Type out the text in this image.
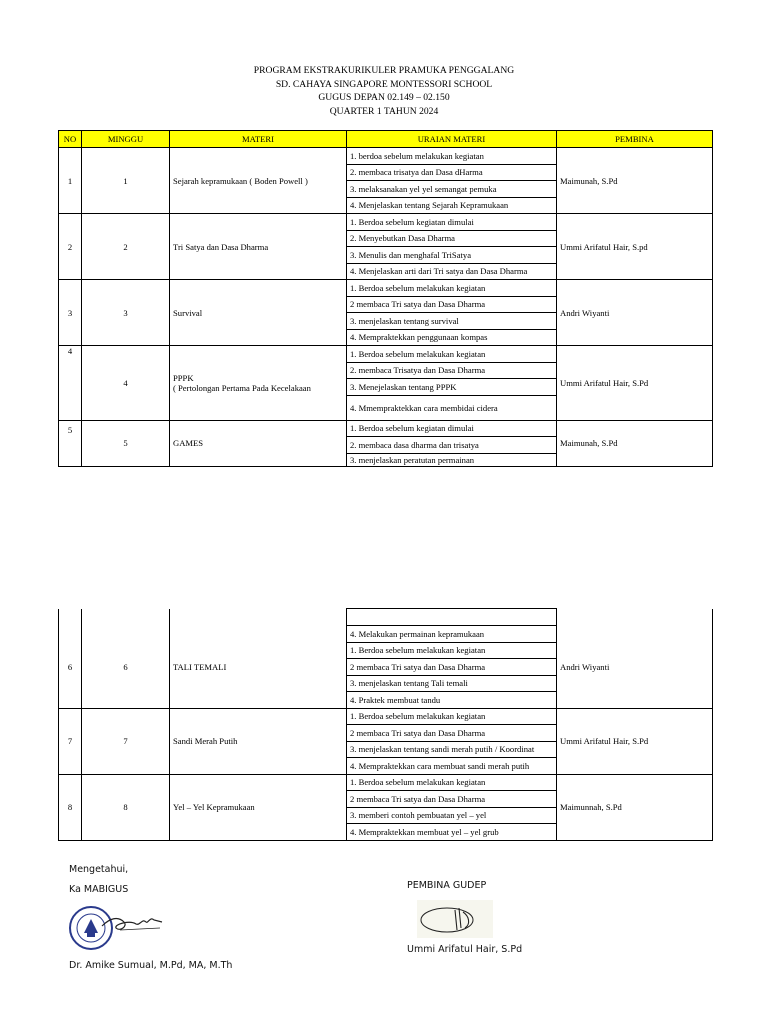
PROGRAM EKSTRAKURIKULER PRAMUKA PENGGALANG
SD. CAHAYA SINGAPORE MONTESSORI SCHOOL
GUGUS DEPAN 02.149 – 02.150
QUARTER 1 TAHUN 2024
NO	MINGGU	MATERI	URAIAN MATERI	PEMBINA
1	1	Sejarah kepramukaan ( Boden Powell )	1. berdoa sebelum melakukan kegiatan	Maimunah, S.Pd
			2. membaca trisatya dan Dasa dHarma	
			3. melaksanakan yel yel semangat pemuka	
			4. Menjelaskan tentang Sejarah Kepramukaan	
2	2	Tri Satya dan Dasa Dharma	1. Berdoa sebelum kegiatan dimulai	Ummi Arifatul Hair, S.pd
			2. Menyebutkan Dasa Dharma	
			3. Menulis dan menghafal TriSatya	
			4. Menjelaskan arti dari Tri satya dan Dasa Dharma	
3	3	Survival	1. Berdoa sebelum melakukan kegiatan	Andri Wiyanti
			2 membaca Tri satya dan Dasa Dharma	
			3. menjelaskan tentang survival	
			4. Mempraktekkan penggunaan kompas	
4	4	PPPK
( Pertolongan Pertama Pada Kecelakaan	1. Berdoa sebelum melakukan kegiatan	Ummi Arifatul Hair, S.Pd
			2. membaca Trisatya dan Dasa Dharma	
			3. Menejelaskan tentang PPPK	
			4. Mmempraktekkan cara membidai cidera	
5	5	GAMES	1. Berdoa sebelum kegiatan dimulai	Maimunah, S.Pd
			2. membaca dasa dharma dan trisatya	
			3. menjelaskan peratutan permainan	

6	6	TALI TEMALI	4. Melakukan permainan kepramukaan	Andri Wiyanti
			1. Berdoa sebelum melakukan kegiatan	
			2 membaca Tri satya dan Dasa Dharma	
			3. menjelaskan tentang Tali temali	
			4. Praktek membuat tandu	
7	7	Sandi Merah Putih	1. Berdoa sebelum melakukan kegiatan	Ummi Arifatul Hair, S.Pd
			2 membaca Tri satya dan Dasa Dharma	
			3. menjelaskan tentang sandi merah putih / Koordinat	
			4. Mempraktekkan cara membuat sandi merah putih	
8	8	Yel – Yel Kepramukaan	1. Berdoa sebelum melakukan kegiatan	Maimunnah, S.Pd
			2 membaca Tri satya dan Dasa Dharma	
			3. memberi contoh pembuatan yel – yel	
			4. Mempraktekkan membuat yel – yel grub	
Mengetahui,
Ka MABIGUS
Dr. Amike Sumual, M.Pd, MA, M.Th
PEMBINA GUDEP
Ummi Arifatul Hair, S.Pd
